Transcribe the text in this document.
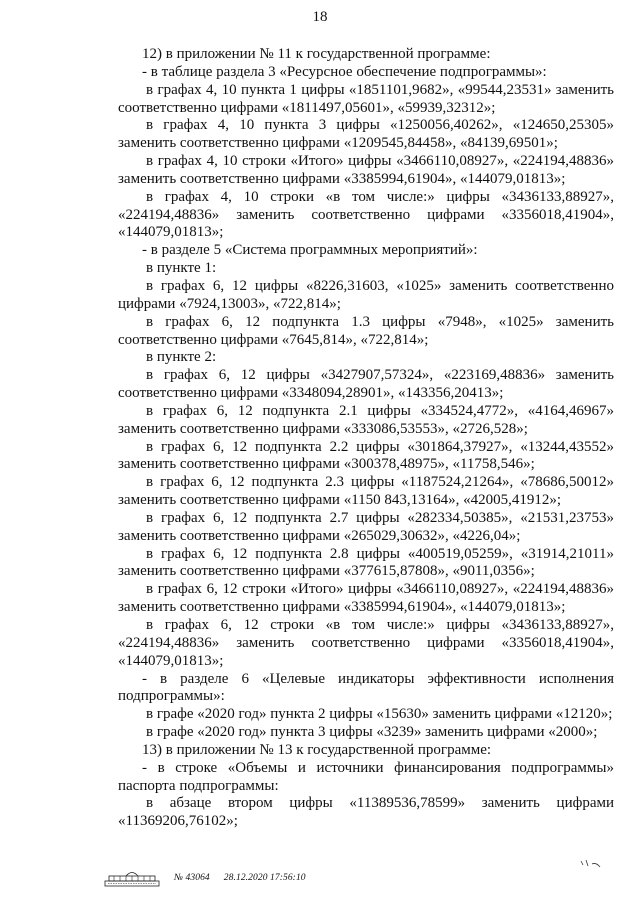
18

12) в приложении № 11 к государственной программе:

- в таблице раздела 3 «Ресурсное обеспечение подпрограммы»:

в графах 4, 10 пункта 1 цифры «1851101,9682», «99544,23531» заменить соответственно цифрами «1811497,05601», «59939,32312»;

в графах 4, 10 пункта 3 цифры «1250056,40262», «124650,25305» заменить соответственно цифрами «1209545,84458», «84139,69501»;

в графах 4, 10 строки «Итого» цифры «3466110,08927», «224194,48836» заменить соответственно цифрами «3385994,61904», «144079,01813»;

в графах 4, 10 строки «в том числе:» цифры «3436133,88927», «224194,48836» заменить соответственно цифрами «3356018,41904», «144079,01813»;

- в разделе 5 «Система программных мероприятий»:

в пункте 1:

в графах 6, 12 цифры «8226,31603, «1025» заменить соответственно цифрами «7924,13003», «722,814»;

в графах 6, 12 подпункта 1.3 цифры «7948», «1025» заменить соответственно цифрами «7645,814», «722,814»;

в пункте 2:

в графах 6, 12 цифры «3427907,57324», «223169,48836» заменить соответственно цифрами «3348094,28901», «143356,20413»;

в графах 6, 12 подпункта 2.1 цифры «334524,4772», «4164,46967» заменить соответственно цифрами «333086,53553», «2726,528»;

в графах 6, 12 подпункта 2.2 цифры «301864,37927», «13244,43552» заменить соответственно цифрами «300378,48975», «11758,546»;

в графах 6, 12 подпункта 2.3 цифры «1187524,21264», «78686,50012» заменить соответственно цифрами «1150 843,13164», «42005,41912»;

в графах 6, 12 подпункта 2.7 цифры «282334,50385», «21531,23753» заменить соответственно цифрами «265029,30632», «4226,04»;

в графах 6, 12 подпункта 2.8 цифры «400519,05259», «31914,21011» заменить соответственно цифрами «377615,87808», «9011,0356»;

в графах 6, 12 строки «Итого» цифры «3466110,08927», «224194,48836» заменить соответственно цифрами «3385994,61904», «144079,01813»;

в графах 6, 12 строки «в том числе:» цифры «3436133,88927», «224194,48836» заменить соответственно цифрами «3356018,41904», «144079,01813»;

- в разделе 6 «Целевые индикаторы эффективности исполнения подпрограммы»:

в графе «2020 год» пункта 2 цифры «15630» заменить цифрами «12120»;

в графе «2020 год» пункта 3 цифры «3239» заменить цифрами «2000»;

13) в приложении № 13 к государственной программе:

- в строке «Объемы и источники финансирования подпрограммы» паспорта подпрограммы:

в абзаце втором цифры «11389536,78599» заменить цифрами «11369206,76102»;

№ 43064 28.12.2020 17:56:10
